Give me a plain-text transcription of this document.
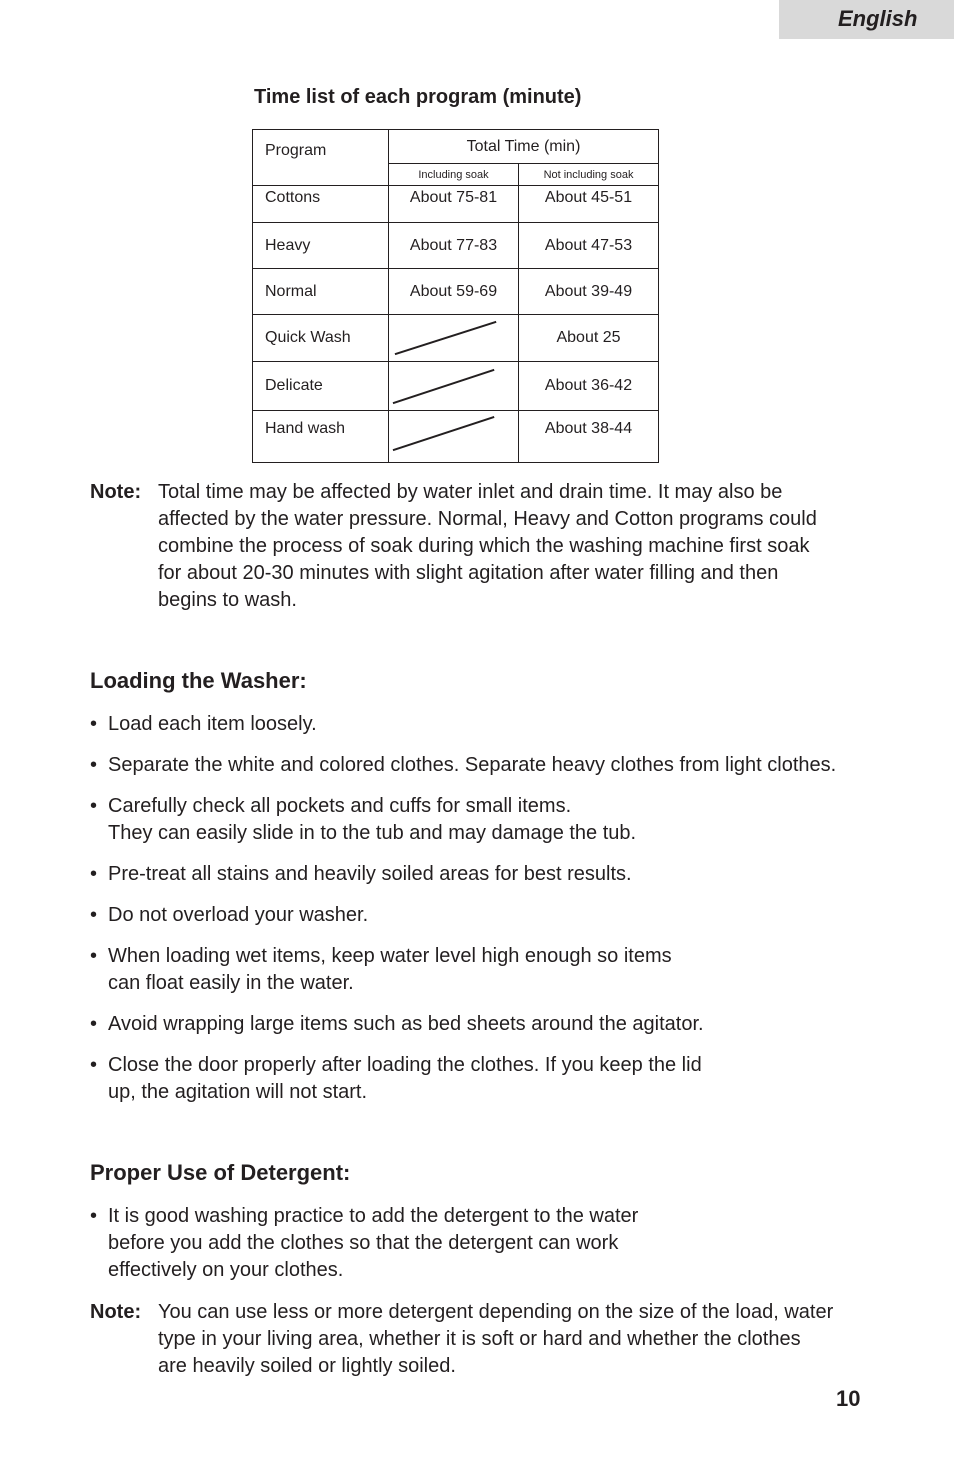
English
Time list of each program (minute)
Program	Total Time (min)	
	Including soak	Not including soak
Cottons	About 75-81	About 45-51
Heavy	About 77-83	About 47-53
Normal	About 59-69	About 39-49
Quick Wash		About 25
Delicate		About 36-42
Hand wash		About 38-44
Note: Total time may be affected by water inlet and drain time. It may also be
affected by the water pressure. Normal, Heavy and Cotton programs could
combine the process of soak during which the washing machine first soak
for about 20-30 minutes with slight agitation after water filling and then
begins to wash.
Loading the Washer:
• Load each item loosely.
• Separate the white and colored clothes. Separate heavy clothes from light clothes.
• Carefully check all pockets and cuffs for small items.
They can easily slide in to the tub and may damage the tub.
• Pre-treat all stains and heavily soiled areas for best results.
• Do not overload your washer.
• When loading wet items, keep water level high enough so items
can float easily in the water.
• Avoid wrapping large items such as bed sheets around the agitator.
• Close the door properly after loading the clothes. If you keep the lid
up, the agitation will not start.
Proper Use of Detergent:
• It is good washing practice to add the detergent to the water
before you add the clothes so that the detergent can work
effectively on your clothes.
Note: You can use less or more detergent depending on the size of the load, water
type in your living area, whether it is soft or hard and whether the clothes
are heavily soiled or lightly soiled.
10
